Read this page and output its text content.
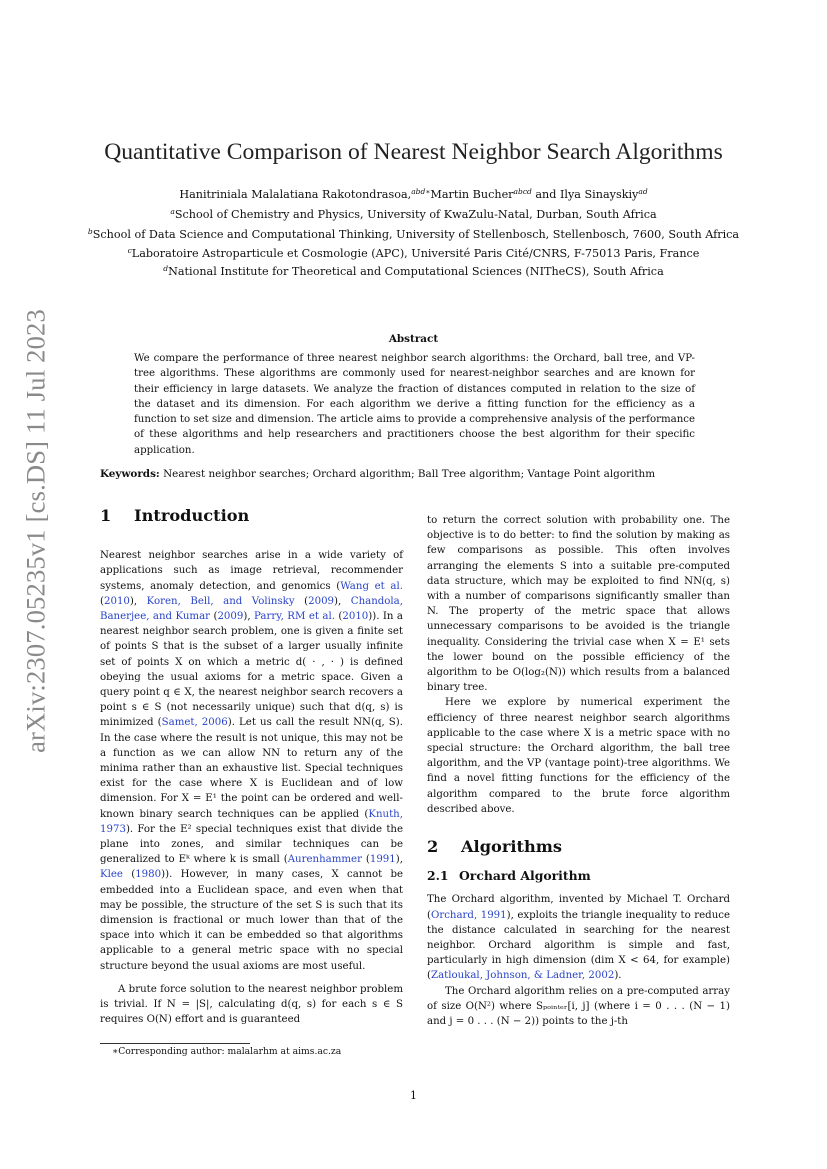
arXiv:2307.05235v1 [cs.DS] 11 Jul 2023
Quantitative Comparison of Nearest Neighbor Search Algorithms
Hanitriniala Malalatiana Rakotondrasoa,$^{abd∗}$Martin Bucher$^{abcd}$ and Ilya Sinayskiy$^{ad}$
$^a$School of Chemistry and Physics, University of KwaZulu-Natal, Durban, South Africa
$^b$School of Data Science and Computational Thinking, University of Stellenbosch, Stellenbosch, 7600, South Africa
$^c$Laboratoire Astroparticule et Cosmologie (APC), Université Paris Cité/CNRS, F-75013 Paris, France
$^d$National Institute for Theoretical and Computational Sciences (NITheCS), South Africa
Abstract
We compare the performance of three nearest neighbor search algorithms: the Orchard, ball tree, and VP-tree algorithms. These algorithms are commonly used for nearest-neighbor searches and are known for their efficiency in large datasets. We analyze the fraction of distances computed in relation to the size of the dataset and its dimension. For each algorithm we derive a fitting function for the efficiency as a function to set size and dimension. The article aims to provide a comprehensive analysis of the performance of these algorithms and help researchers and practitioners choose the best algorithm for their specific application.
Keywords: Nearest neighbor searches; Orchard algorithm; Ball Tree algorithm; Vantage Point algorithm
1 Introduction

Nearest neighbor searches arise in a wide variety of applications such as image retrieval, recommender systems, anomaly detection, and genomics (Wang et al. (2010), Koren, Bell, and Volinsky (2009), Chandola, Banerjee, and Kumar (2009), Parry, RM et al. (2010)). In a nearest neighbor search problem, one is given a finite set of points S that is the subset of a larger usually infinite set of points X on which a metric d( · , · ) is defined obeying the usual axioms for a metric space. Given a query point q ∈ X, the nearest neighbor search recovers a point s ∈ S (not necessarily unique) such that d(q, s) is minimized (Samet, 2006). Let us call the result NN(q, S). In the case where the result is not unique, this may not be a function as we can allow NN to return any of the minima rather than an exhaustive list. Special techniques exist for the case where X is Euclidean and of low dimension. For X = E¹ the point can be ordered and well-known binary search techniques can be applied (Knuth, 1973). For the E² special techniques exist that divide the plane into zones, and similar techniques can be generalized to Eᵏ where k is small (Aurenhammer (1991), Klee (1980)). However, in many cases, X cannot be embedded into a Euclidean space, and even when that may be possible, the structure of the set S is such that its dimension is fractional or much lower than that of the space into which it can be embedded so that algorithms applicable to a general metric space with no special structure beyond the usual axioms are most useful.

A brute force solution to the nearest neighbor problem is trivial. If N = |S|, calculating d(q, s) for each s ∈ S requires O(N) effort and is guaranteed

to return the correct solution with probability one. The objective is to do better: to find the solution by making as few comparisons as possible. This often involves arranging the elements S into a suitable pre-computed data structure, which may be exploited to find NN(q, s) with a number of comparisons significantly smaller than N. The property of the metric space that allows unnecessary comparisons to be avoided is the triangle inequality. Considering the trivial case when X = E¹ sets the lower bound on the possible efficiency of the algorithm to be O(log₂(N)) which results from a balanced binary tree.

Here we explore by numerical experiment the efficiency of three nearest neighbor search algorithms applicable to the case where X is a metric space with no special structure: the Orchard algorithm, the ball tree algorithm, and the VP (vantage point)-tree algorithms. We find a novel fitting functions for the efficiency of the algorithm compared to the brute force algorithm described above.

2 Algorithms
2.1 Orchard Algorithm

The Orchard algorithm, invented by Michael T. Orchard (Orchard, 1991), exploits the triangle inequality to reduce the distance calculated in searching for the nearest neighbor. Orchard algorithm is simple and fast, particularly in high dimension (dim X < 64, for example) (Zatloukal, Johnson, & Ladner, 2002).

The Orchard algorithm relies on a pre-computed array of size O(N²) where Sₚₒᵢₙₜₑᵣ[i, j] (where i = 0 . . . (N − 1) and j = 0 . . . (N − 2)) points to the j-th

∗Corresponding author: malalarhm at aims.ac.za
1
